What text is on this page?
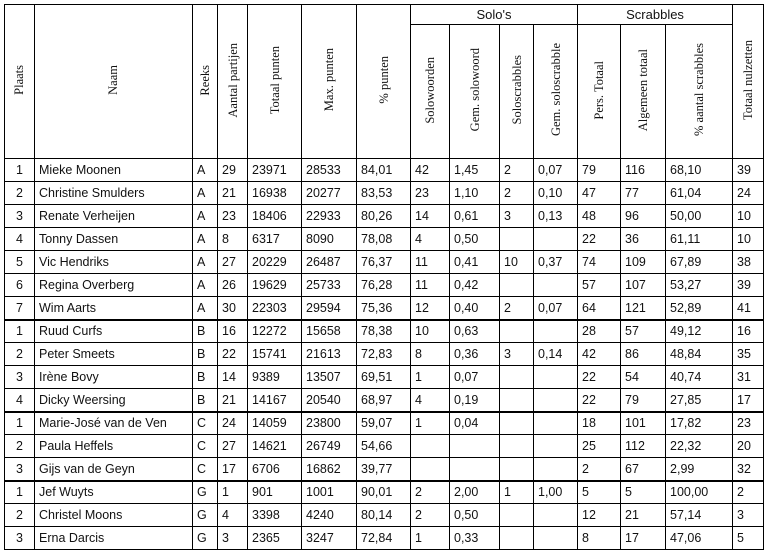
Plaats	Naam	Reeks	Aantal partijen	Totaal punten	Max. punten	% punten	Solo's				Scrabbles			Totaal nulzetten
							Solowoorden	Gem. solowoord	Soloscrabbles	Gem. soloscrabble	Pers. Totaal	Algemeen totaal	% aantal scrabbles	
1	Mieke Moonen	A	29	23971	28533	84,01	42	1,45	2	0,07	79	116	68,10	39
2	Christine Smulders	A	21	16938	20277	83,53	23	1,10	2	0,10	47	77	61,04	24
3	Renate Verheijen	A	23	18406	22933	80,26	14	0,61	3	0,13	48	96	50,00	10
4	Tonny Dassen	A	8	6317	8090	78,08	4	0,50			22	36	61,11	10
5	Vic Hendriks	A	27	20229	26487	76,37	11	0,41	10	0,37	74	109	67,89	38
6	Regina Overberg	A	26	19629	25733	76,28	11	0,42			57	107	53,27	39
7	Wim Aarts	A	30	22303	29594	75,36	12	0,40	2	0,07	64	121	52,89	41
1	Ruud Curfs	B	16	12272	15658	78,38	10	0,63			28	57	49,12	16
2	Peter Smeets	B	22	15741	21613	72,83	8	0,36	3	0,14	42	86	48,84	35
3	Irène Bovy	B	14	9389	13507	69,51	1	0,07			22	54	40,74	31
4	Dicky Weersing	B	21	14167	20540	68,97	4	0,19			22	79	27,85	17
1	Marie-José van de Ven	C	24	14059	23800	59,07	1	0,04			18	101	17,82	23
2	Paula Heffels	C	27	14621	26749	54,66					25	112	22,32	20
3	Gijs van de Geyn	C	17	6706	16862	39,77					2	67	2,99	32
1	Jef Wuyts	G	1	901	1001	90,01	2	2,00	1	1,00	5	5	100,00	2
2	Christel Moons	G	4	3398	4240	80,14	2	0,50			12	21	57,14	3
3	Erna Darcis	G	3	2365	3247	72,84	1	0,33			8	17	47,06	5
